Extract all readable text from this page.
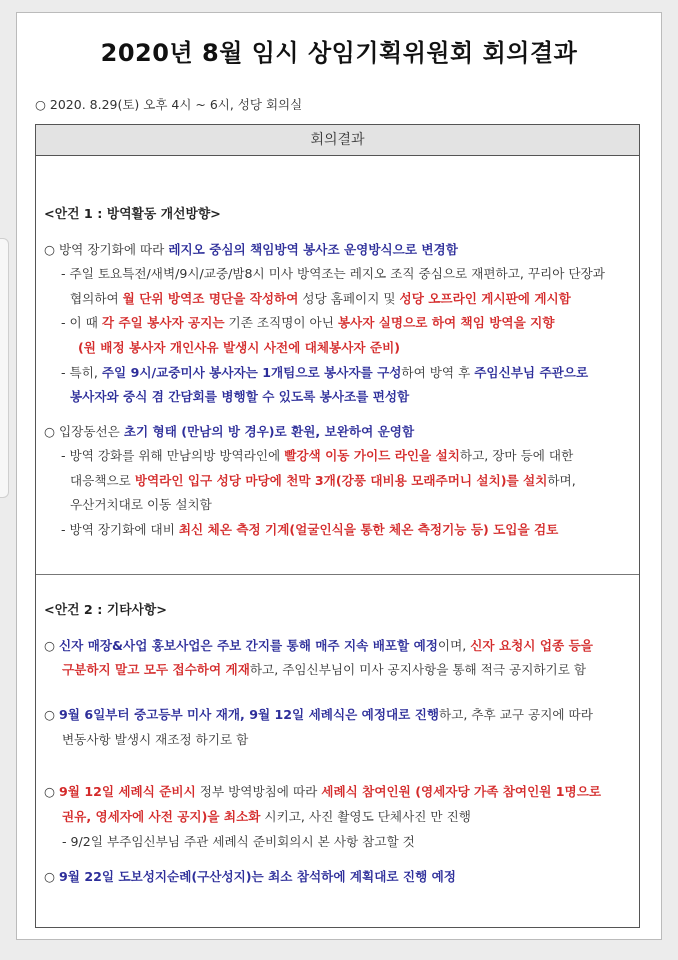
2020년 8월 임시 상임기획위원회 회의결과
○ 2020. 8.29(토) 오후 4시 ~ 6시, 성당 회의실
회의결과
<안건 1 : 방역활동 개선방향>
○ 방역 장기화에 따라 레지오 중심의 책임방역 봉사조 운영방식으로 변경함
- 주일 토요특전/새벽/9시/교중/밤8시 미사 방역조는 레지오 조직 중심으로 재편하고, 꾸리아 단장과
협의하여 월 단위 방역조 명단을 작성하여 성당 홈페이지 및 성당 오프라인 게시판에 게시함
- 이 때 각 주일 봉사자 공지는 기존 조직명이 아닌 봉사자 실명으로 하여 책임 방역을 지향
(원 배정 봉사자 개인사유 발생시 사전에 대체봉사자 준비)
- 특히, 주일 9시/교중미사 봉사자는 1개팀으로 봉사자를 구성하여 방역 후 주임신부님 주관으로
봉사자와 중식 겸 간담회를 병행할 수 있도록 봉사조를 편성함
○ 입장동선은 초기 형태 (만남의 방 경우)로 환원, 보완하여 운영함
- 방역 강화를 위해 만남의방 방역라인에 빨강색 이동 가이드 라인을 설치하고, 장마 등에 대한
대응책으로 방역라인 입구 성당 마당에 천막 3개(강풍 대비용 모래주머니 설치)를 설치하며,
우산거치대로 이동 설치함
- 방역 장기화에 대비 최신 체온 측정 기계(얼굴인식을 통한 체온 측정기능 등) 도입을 검토
<안건 2 : 기타사항>
○ 신자 매장&사업 홍보사업은 주보 간지를 통해 매주 지속 배포할 예정이며, 신자 요청시 업종 등을
구분하지 말고 모두 접수하여 게재하고, 주임신부님이 미사 공지사항을 통해 적극 공지하기로 함
○ 9월 6일부터 중고등부 미사 재개, 9월 12일 세례식은 예정대로 진행하고, 추후 교구 공지에 따라
변동사항 발생시 재조정 하기로 함
○ 9월 12일 세례식 준비시 정부 방역방침에 따라 세례식 참여인원 (영세자당 가족 참여인원 1명으로
권유, 영세자에 사전 공지)을 최소화 시키고, 사진 촬영도 단체사진 만 진행
- 9/2일 부주임신부님 주관 세례식 준비회의시 본 사항 참고할 것
○ 9월 22일 도보성지순례(구산성지)는 최소 참석하에 계획대로 진행 예정
